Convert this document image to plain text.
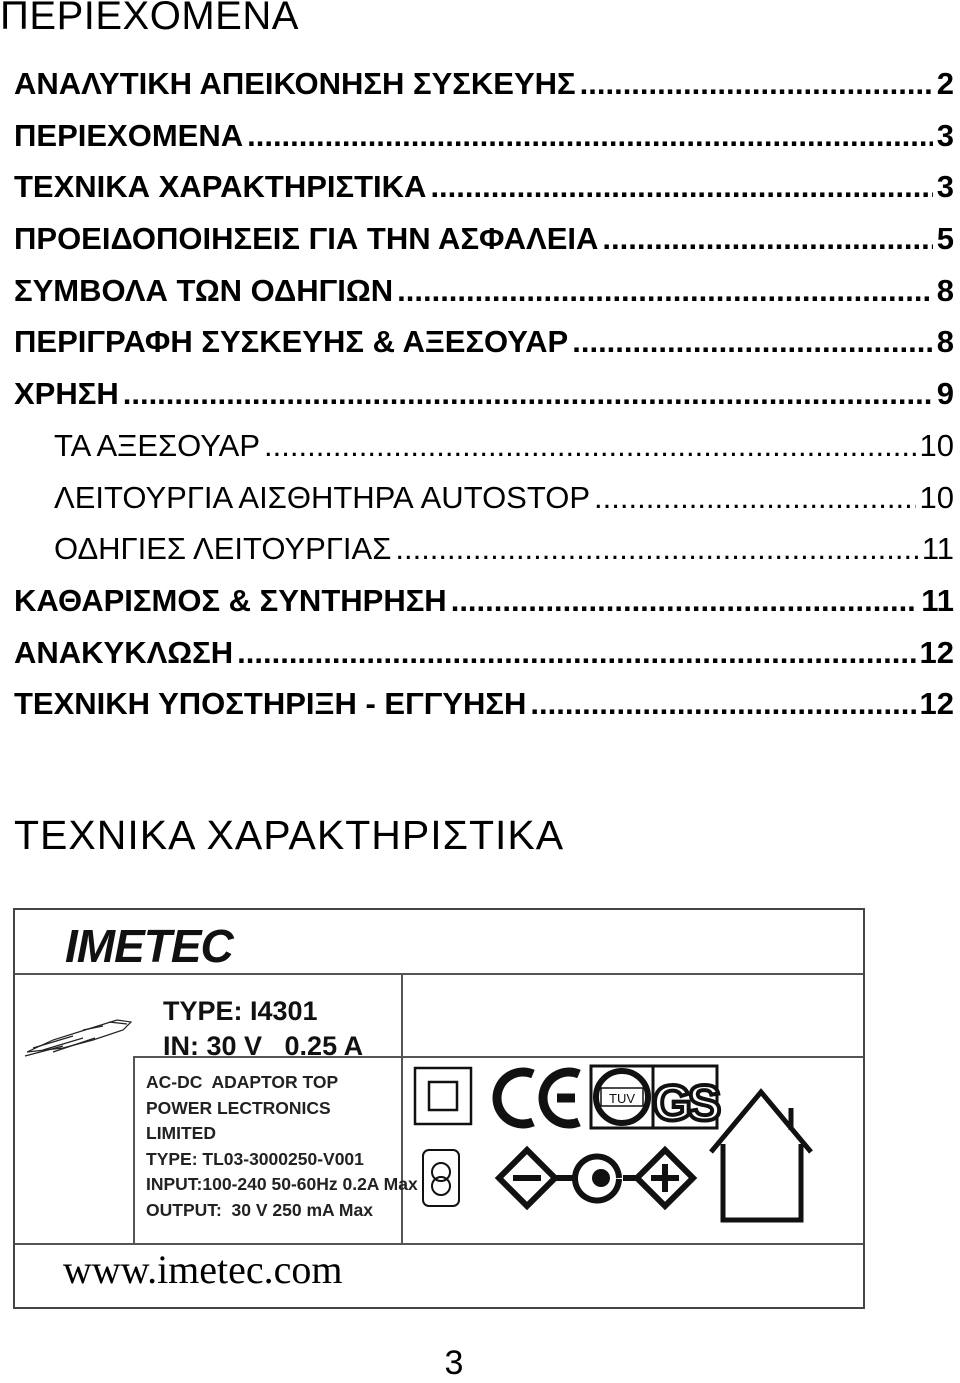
ΠΕΡΙΕΧΟΜΕΝΑ
ΑΝΑΛΥΤΙΚΗ ΑΠΕΙΚΟΝΗΣΗ ΣΥΣΚΕΥΗΣ .....	2
ΠΕΡΙΕΧΟΜΕΝΑ .....	3
ΤΕΧΝΙΚΑ ΧΑΡΑΚΤΗΡΙΣΤΙΚΑ .....	3
ΠΡΟΕΙΔΟΠΟΙΗΣΕΙΣ ΓΙΑ ΤΗΝ ΑΣΦΑΛΕΙΑ .....	5
ΣΥΜΒΟΛΑ ΤΩΝ ΟΔΗΓΙΩΝ .....	8
ΠΕΡΙΓΡΑΦΗ ΣΥΣΚΕΥΗΣ & ΑΞΕΣΟΥΑΡ .....	8
ΧΡΗΣΗ .....	9
ΤΑ ΑΞΕΣΟΥΑΡ .....	10
ΛΕΙΤΟΥΡΓΙΑ ΑΙΣΘΗΤΗΡΑ AUTOSTOP .....	10
ΟΔΗΓΙΕΣ ΛΕΙΤΟΥΡΓΙΑΣ .....	11
ΚΑΘΑΡΙΣΜΟΣ & ΣΥΝΤΗΡΗΣΗ .....	11
ΑΝΑΚΥΚΛΩΣΗ .....	12
ΤΕΧΝΙΚΗ ΥΠΟΣΤΗΡΙΞΗ - ΕΓΓΥΗΣΗ .....	12
ΤΕΧΝΙΚΑ ΧΑΡΑΚΤΗΡΙΣΤΙΚΑ
IMETEC
TYPE: I4301
IN: 30 V   0.25 A
AC-DC  ADAPTOR TOP
POWER LECTRONICS
LIMITED
TYPE: TL03-3000250-V001
INPUT:100-240 50-60Hz 0.2A Max
OUTPUT:  30 V 250 mA Max
TUV GS
www.imetec.com
3
